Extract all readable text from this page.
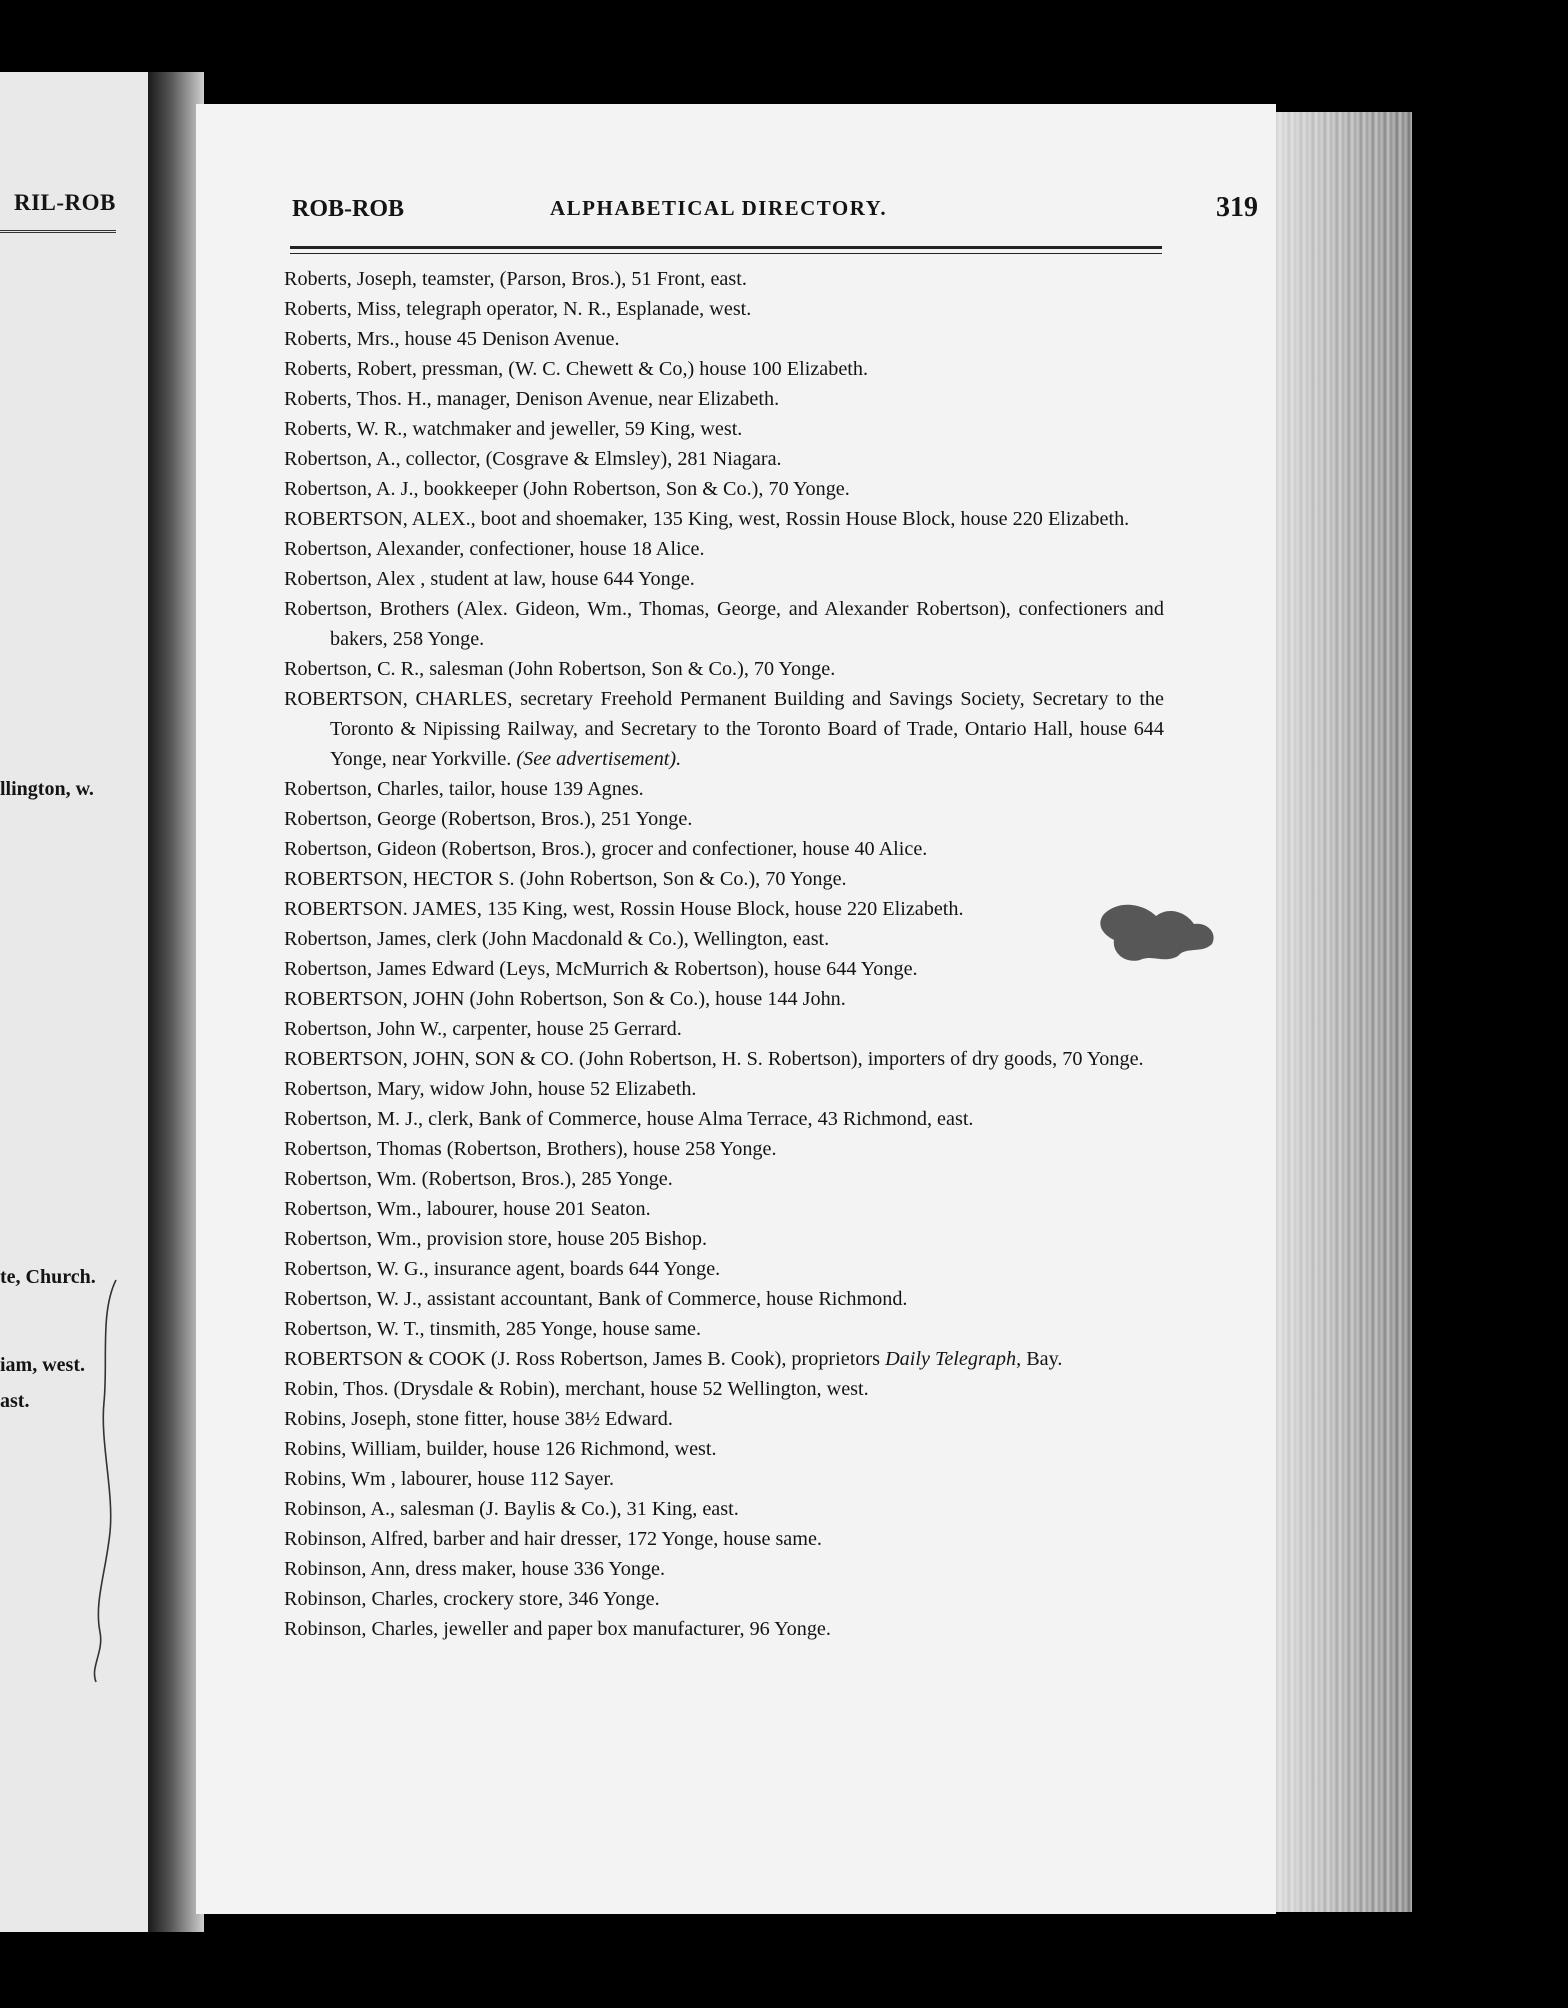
RIL-ROB
llington, w.
te, Church.
iam, west.
ast.
ROB-ROB	ALPHABETICAL DIRECTORY.	319
Roberts, Joseph, teamster, (Parson, Bros.), 51 Front, east.
Roberts, Miss, telegraph operator, N. R., Esplanade, west.
Roberts, Mrs., house 45 Denison Avenue.
Roberts, Robert, pressman, (W. C. Chewett & Co,) house 100 Elizabeth.
Roberts, Thos. H., manager, Denison Avenue, near Elizabeth.
Roberts, W. R., watchmaker and jeweller, 59 King, west.
Robertson, A., collector, (Cosgrave & Elmsley), 281 Niagara.
Robertson, A. J., bookkeeper (John Robertson, Son & Co.), 70 Yonge.
ROBERTSON, ALEX., boot and shoemaker, 135 King, west, Rossin House Block, house 220 Elizabeth.
Robertson, Alexander, confectioner, house 18 Alice.
Robertson, Alex , student at law, house 644 Yonge.
Robertson, Brothers (Alex. Gideon, Wm., Thomas, George, and Alexander Robertson), confectioners and bakers, 258 Yonge.
Robertson, C. R., salesman (John Robertson, Son & Co.), 70 Yonge.
ROBERTSON, CHARLES, secretary Freehold Permanent Building and Savings Society, Secretary to the Toronto & Nipissing Railway, and Secretary to the Toronto Board of Trade, Ontario Hall, house 644 Yonge, near Yorkville. (See advertisement).
Robertson, Charles, tailor, house 139 Agnes.
Robertson, George (Robertson, Bros.), 251 Yonge.
Robertson, Gideon (Robertson, Bros.), grocer and confectioner, house 40 Alice.
ROBERTSON, HECTOR S. (John Robertson, Son & Co.), 70 Yonge.
ROBERTSON. JAMES, 135 King, west, Rossin House Block, house 220 Elizabeth.
Robertson, James, clerk (John Macdonald & Co.), Wellington, east.
Robertson, James Edward (Leys, McMurrich & Robertson), house 644 Yonge.
ROBERTSON, JOHN (John Robertson, Son & Co.), house 144 John.
Robertson, John W., carpenter, house 25 Gerrard.
ROBERTSON, JOHN, SON & CO. (John Robertson, H. S. Robertson), importers of dry goods, 70 Yonge.
Robertson, Mary, widow John, house 52 Elizabeth.
Robertson, M. J., clerk, Bank of Commerce, house Alma Terrace, 43 Richmond, east.
Robertson, Thomas (Robertson, Brothers), house 258 Yonge.
Robertson, Wm. (Robertson, Bros.), 285 Yonge.
Robertson, Wm., labourer, house 201 Seaton.
Robertson, Wm., provision store, house 205 Bishop.
Robertson, W. G., insurance agent, boards 644 Yonge.
Robertson, W. J., assistant accountant, Bank of Commerce, house Richmond.
Robertson, W. T., tinsmith, 285 Yonge, house same.
ROBERTSON & COOK (J. Ross Robertson, James B. Cook), proprietors Daily Telegraph, Bay.
Robin, Thos. (Drysdale & Robin), merchant, house 52 Wellington, west.
Robins, Joseph, stone fitter, house 38½ Edward.
Robins, William, builder, house 126 Richmond, west.
Robins, Wm , labourer, house 112 Sayer.
Robinson, A., salesman (J. Baylis & Co.), 31 King, east.
Robinson, Alfred, barber and hair dresser, 172 Yonge, house same.
Robinson, Ann, dress maker, house 336 Yonge.
Robinson, Charles, crockery store, 346 Yonge.
Robinson, Charles, jeweller and paper box manufacturer, 96 Yonge.
